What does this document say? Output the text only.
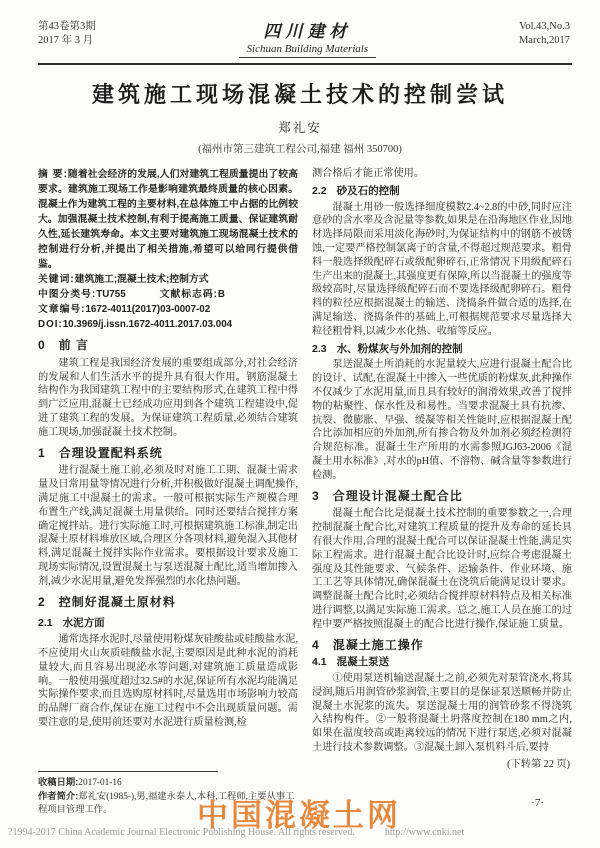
第43卷第3期
2017 年 3 月	四川建材
Sichuan Building Materials
Vol.43,No.3
March,2017
建筑施工现场混凝土技术的控制尝试
郑礼安
(福州市第三建筑工程公司,福建 福州 350700)

摘 要:随着社会经济的发展,人们对建筑工程质量提出了较高要求。建筑施工现场工作是影响建筑最终质量的核心因素。混凝土作为建筑工程的主要材料,在总体施工中占据的比例较大。加强混凝土技术控制,有利于提高施工质量、保证建筑耐久性,延长建筑寿命。本文主要对建筑施工现场混凝土技术的控制进行分析,并提出了相关措施,希望可以给同行提供借鉴。

关键词:建筑施工;混凝土技术;控制方式

中图分类号:TU755	文献标志码:B

文章编号:1672-4011(2017)03-0007-02

DOI:10.3969/j.issn.1672-4011.2017.03.004

0 前 言

建筑工程是我国经济发展的重要组成部分,对社会经济的发展和人们生活水平的提升具有很大作用。钢筋混凝土结构作为我国建筑工程中的主要结构形式,在建筑工程中得到广泛应用,混凝土已经成功应用到各个建筑工程建设中,促进了建筑工程的发展。为保证建筑工程质量,必须结合建筑施工现场,加强混凝土技术控制。

1 合理设置配料系统

进行混凝土施工前,必须及时对施工工期、混凝土需求量及日常用量等情况进行分析,并积极做好混凝土调配操作,满足施工中混凝土的需求。一般可根据实际生产规模合理布置生产线,满足混凝土用量供给。同时还要结合搅拌方案确定搅拌站。进行实际施工时,可根据建筑施工标准,制定出混凝土原材料堆放区域,合理区分各项材料,避免混入其他材料,满足混凝土搅拌实际作业需求。要根据设计要求及施工现场实际情况,设置混凝土与泵送混凝土配比,适当增加掺入剂,减少水泥用量,避免发挥强烈的水化热问题。

2 控制好混凝土原材料
2.1 水泥方面

通常选择水泥时,尽量使用粉煤灰硅酸盐或硅酸盐水泥,不应使用火山灰质硅酸盐水泥,主要原因是此种水泥的消耗量较大,而且容易出现泌水等问题,对建筑施工质量造成影响。一般使用强度超过32.5#的水泥,保证所有水泥均能满足实际操作要求,而且选购原材料时,尽量选用市场影响力较高的品牌厂商合作,保证在施工过程中不会出现质量问题。需要注意的是,使用前还要对水泥进行质量检测,检

收稿日期:2017-01-16

作者简介:郑礼安(1985-),男,福建永泰人,本科,工程师,主要从事工程项目管理工作。

测合格后才能正常使用。

2.2 砂及石的控制

混凝土用砂一般选择细度模数2.4~2.8的中砂,同时应注意砂的含水率及含泥量等参数,如果是在沿海地区作业,因地材选择局限而采用淡化海砂时,为保证结构中的钢筋不被锈蚀,一定要严格控制氯离子的含量,不得超过规范要求。粗骨料一般选择级配碎石或级配卵碎石,正常情况下用级配碎石生产出来的混凝土,其强度更有保障,所以当混凝土的强度等级较高时,尽量选择级配碎石而不要选择级配卵碎石。粗骨料的粒径应根据混凝土的输送、浇捣条件做合适的选择,在满足输送、浇捣条件的基础上,可根据规范要求尽量选择大粒径粗骨料,以减少水化热、收缩等反应。

2.3 水、粉煤灰与外加剂的控制

泵送混凝土所消耗的水泥量较大,应进行混凝土配合比的设计、试配,在混凝土中掺入一些优质的粉煤灰,此种操作不仅减少了水泥用量,而且具有较好的润滑效果,改善了搅拌物的粘聚性、保水性及和易性。当要求混凝土具有抗渗、抗裂、微膨胀、早强、缓凝等相关性能时,应根据混凝土配合比添加相应的外加剂,所有掺合物及外加剂必须经检测符合规范标准。混凝土生产所用的水需参照JGJ63-2006《混凝土用水标准》,对水的pH值、不溶物、碱含量等参数进行检测。

3 合理设计混凝土配合比

混凝土配合比是混凝土技术控制的重要参数之一,合理控制混凝土配合比,对建筑工程质量的提升及寿命的延长具有很大作用,合理的混凝土配合可以保证混凝土性能,满足实际工程需求。进行混凝土配合比设计时,应综合考虑混凝土强度及其性能要求、气候条件、运输条件、作业环境、施工工艺等具体情况,确保混凝土在浇筑后能满足设计要求。调整混凝土配合比时,必须结合搅拌原材料特点及相关标准进行调整,以满足实际施工需求。总之,施工人员在施工的过程中要严格按照混凝土的配合比进行操作,保证施工质量。

4 混凝土施工操作
4.1 混凝土泵送

①使用泵送机输送混凝土之前,必须先对泵管浇水,将其浸润,随后用润管砂浆润管,主要目的是保证泵送顺畅并防止混凝土水泥浆的流失。泵送混凝土用的润管砂浆不得浇筑入结构构件。②一般将混凝土坍落度控制在180 mm之内,如果在温度较高或距离较远的情况下进行泵送,必须对混凝土进行技术参数调整。③混凝土卸入泵机料斗后,要持

(下转第 22 页)

中国混凝土网	·7·
?1994-2017 China Academic Journal Electronic Publishing House. All rights reserved.	http://www.cnki.net
